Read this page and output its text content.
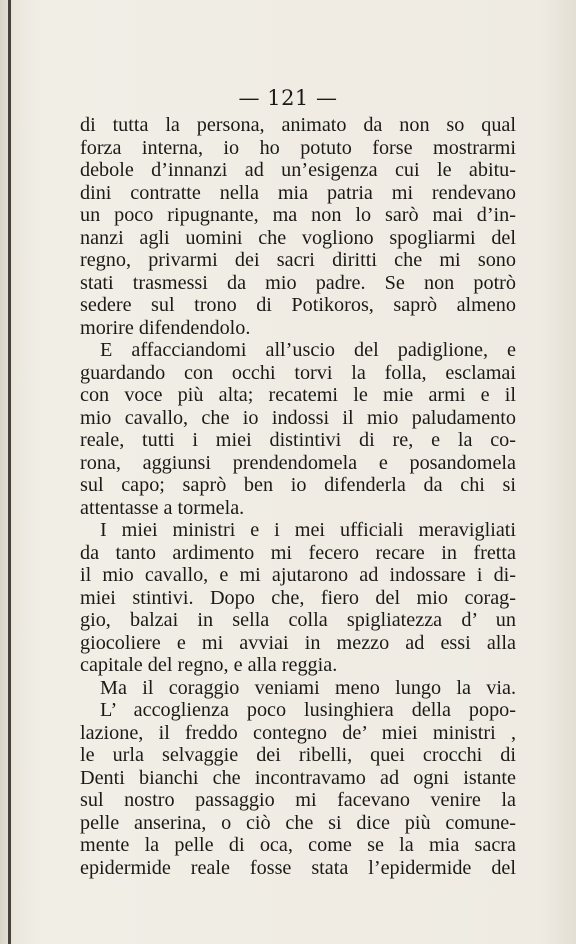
— 121 —
di tutta la persona, animato da non so qual
forza interna, io ho potuto forse mostrarmi
debole d’innanzi ad un’esigenza cui le abitu-
dini contratte nella mia patria mi rendevano
un poco ripugnante, ma non lo sarò mai d’in-
nanzi agli uomini che vogliono spogliarmi del
regno, privarmi dei sacri diritti che mi sono
stati trasmessi da mio padre. Se non potrò
sedere sul trono di Potikoros, saprò almeno
morire difendendolo.
E affacciandomi all’uscio del padiglione, e
guardando con occhi torvi la folla, esclamai
con voce più alta; recatemi le mie armi e il
mio cavallo, che io indossi il mio paludamento
reale, tutti i miei distintivi di re, e la co-
rona, aggiunsi prendendomela e posandomela
sul capo; saprò ben io difenderla da chi si
attentasse a tormela.
I miei ministri e i mei ufficiali meravigliati
da tanto ardimento mi fecero recare in fretta
il mio cavallo, e mi ajutarono ad indossare i di-
miei stintivi. Dopo che, fiero del mio corag-
gio, balzai in sella colla spigliatezza d’ un
giocoliere e mi avviai in mezzo ad essi alla
capitale del regno, e alla reggia.
Ma il coraggio veniami meno lungo la via.
L’ accoglienza poco lusinghiera della popo-
lazione, il freddo contegno de’ miei ministri ,
le urla selvaggie dei ribelli, quei crocchi di
Denti bianchi che incontravamo ad ogni istante
sul nostro passaggio mi facevano venire la
pelle anserina, o ciò che si dice più comune-
mente la pelle di oca, come se la mia sacra
epidermide reale fosse stata l’epidermide del
